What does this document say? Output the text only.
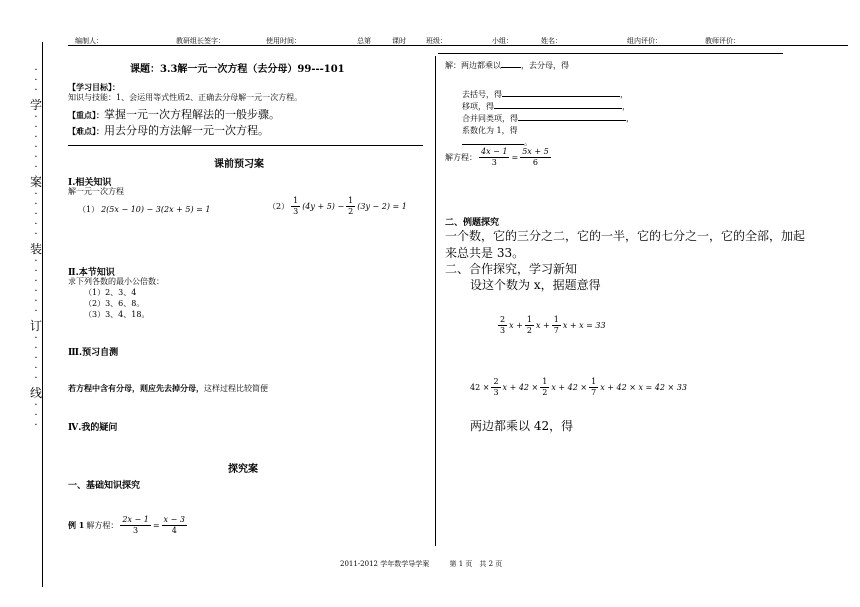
编制人：	教研组长签字：	使用时间：	总第	课时	班级：	小组：	姓名：	组内评价：	教师评价：
·
·
·
学
·
·
·
·
·
·
案
·
·
·
·
·
装
·
·
·
·
·
·
订
·
·
·
·
·
线
·
·
·
课题：3.3解一元一次方程（去分母）99---101
【学习目标】：
知识与技能：1、会运用等式性质2、正确去分母解一元一次方程。
【重点】：掌握一元一次方程解法的一般步骤。
【难点】：用去分母的方法解一元一次方程。
课前预习案
Ⅰ.相关知识
解一元一次方程
（1） 2(5x − 10) − 3(2x + 5) = 1	$(2) \frac{1}{3} (4y + 5) - \frac{1}{2} (3y - 2) = 1$
Ⅱ.本节知识
求下列各数的最小公倍数：
（1）2、3、4
（2）3、6、8。
（3）3、4、18。
Ⅲ.预习自测
若方程中含有分母，则应先去掉分母，这样过程比较简便
Ⅳ.我的疑问
探究案
一、基础知识探究
例 1 解方程： $\frac{2x - 1}{3} = \frac{x - 3}{4}$
解：两边都乘以	，去分母，得
去括号，得	，
移项，得	，
合并同类项，得	，
系数化为 1，得
。
解方程： $\frac{4x - 1}{3} = \frac{5x + 5}{6}$
二、例题探究
一个数，它的三分之二，它的一半，它的七分之一，它的全部，加起来总共是 33。
二、合作探究，学习新知
设这个数为 x，据题意得
$\frac{2}{3}$ $x + \frac{1}{2}$ $x + \frac{1}{7}$ x + x = 33
$42 \times \frac{2}{3}$ $x + 42 \times \frac{1}{2}$ $x + 42 \times \frac{1}{7}$ x + 42 × x = 42 × 33
两边都乘以 42，得
2011-2012 学年数学导学案	第 1 页　共 2 页
